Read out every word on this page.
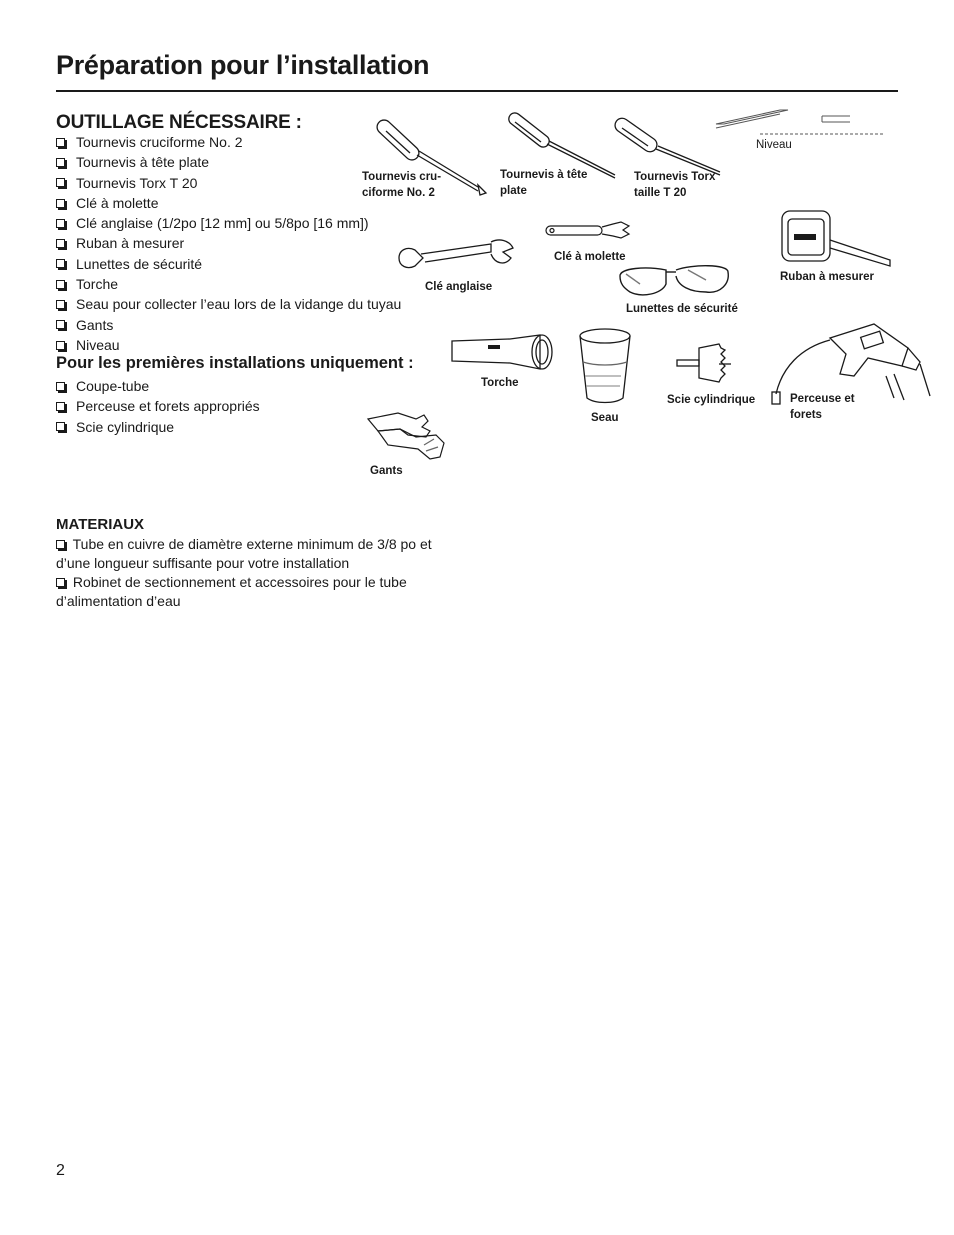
Préparation pour l’installation
OUTILLAGE NÉCESSAIRE :
Tournevis cruciforme No. 2
Tournevis à tête plate
Tournevis Torx T 20
Clé à molette
Clé anglaise (1/2po [12 mm] ou 5/8po [16 mm])
Ruban à mesurer
Lunettes de sécurité
Torche
Seau pour collecter l’eau lors de la vidange du tuyau
Gants
Niveau
Pour les premières installations uniquement :
Coupe-tube
Perceuse et forets appropriés
Scie cylindrique
MATERIAUX
Tube en cuivre de diamètre externe minimum de 3/8 po et d’une longueur suffisante pour votre installation
Robinet de sectionnement et accessoires pour le tube d’alimentation d’eau
Tournevis cru-
ciforme No. 2
Tournevis à tête
plate
Tournevis Torx
taille T 20
Niveau
Clé à molette
Clé anglaise
Ruban à mesurer
Lunettes de sécurité
Torche
Seau
Scie cylindrique	Perceuse et
forets
Gants
2
